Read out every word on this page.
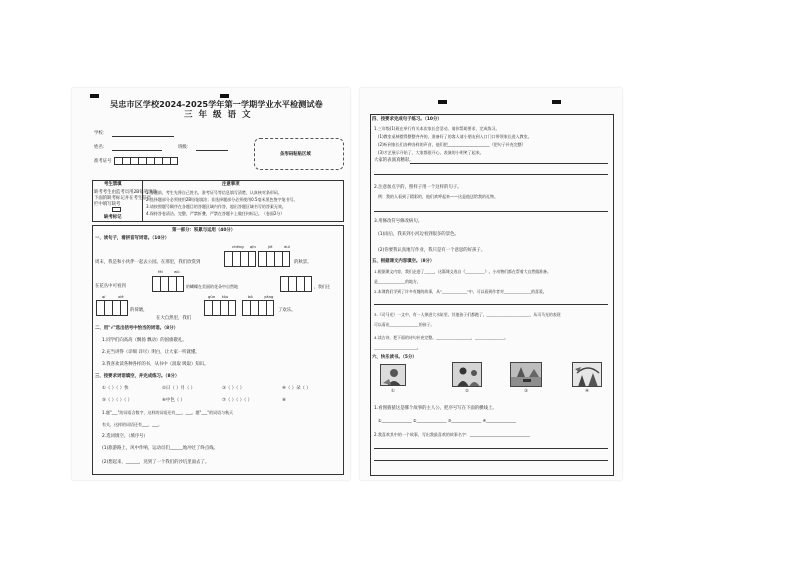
吴忠市区学校2024-2025学年第一学期学业水平检测试卷
三年级语文
学校：
姓名：	班级：
准考证号
条形码粘贴区域
考生禁填
缺考考生由监考员用2B铅笔填涂
下面的缺考标记并在考生信息
栏中填写缺考
缺考标记
注意事项
1.答题前，考生先将自己姓名、准考证号等信息填写清楚，认真核对条形码。
2.选择题部分必须使用2B铅笔填涂；非选择题部分必须使用0.5毫米黑色签字笔书写。
3.请按照题号顺序在各题目的答题区域内作答，超出答题区域书写的答案无效。
4.保持答卷清洁、完整，严禁折叠，严禁在答题卡上做任何标记。（卷面2分）
第一部分：积累与运用（40分）
一、读句子，看拼音写词语。（10分）
chéng qīn	jié	duì
周末，我是和小伙伴一起去公园。在那里，我们欣赏到	的秋景。
fēi	wǔ
在花丛中可看到	的蝴蝶在美丽的花朵中自然地	，我们还
qí	xiè	gǔn tóu	bó	yǎng
的荷塘，
在大自然里，我们
了欢乐。
二、用"√"选出括号中恰当的词语。（8分）
1.同学们向高高（飘扬 飘动）的国旗敬礼。
2.充当讲得（详细 详尽）明白，让大家一听就懂。
3.我喜欢读各种各样的书，从书中（汲取 吸取）知识。
三、按要求词语填空，并完成练习。（8分）
①（ ）（ ）快	②日（ ）月（ ）	③（ ）（ ）	④（ ）朵（ ）
⑤（ ）（ ）（ ）	⑥中色（ ）	⑦（ ）（ ）（ ）	⑧
1.题"___"的词语含数字，这样的词语还有___、___。题"___"的词语与秋天
有关，这样的词语还有___、___。
2.选词填空。（填序号）
(1)旅游路上，风中作响，运动员们______地冲过了终点线。
(2)想起来，______，送到了一个我们的沙坑里面去了。
四、按要求完成句子练习。（10分）
1.三年级(1)班在举行有关本次家长会活动。请你帮助要求，完成练习。
(1)教室桌椅摆得整整齐齐的，准备好了的客人请小朋友到入口门口带领家长进入教室。
(2)听到家长们各种各样的声音，他们把_____________________（把句子补充完整）
(3)才艺展示开始了，大家都很开心，表演的小明笑了起来。
大家的表演真精彩。
2.注意加点字的，照样子用一个这样的句子。
例：我的人看到了精彩的，他们欢呼起来——这是他送给我的礼物。
3.用修改符号修改病句。
(1)雨后，我来到小河边看到很多的景色。
(2)你要我认真地写作业，我只是有一个意思的好孩子。
五、根据课文内容填空。（8分）
1.根据课文内容，我们走进了_____，这篇课文选自《__________》。小动物们都在帮着大自然做准备。
是______________的地方。
2.本课我们学到了许多有趣的故事，从"_____________"中，可以看到作者对______________的喜爱。
3.《司马光》一文中，有一人掉进大水缸里，其他孩子们都跑了，______________________，从司马光的表现
可以看出_______________的孩子。
4.读古诗，把下面的诗句补充完整。__________________，_______________。
______________________。
六、快乐读书。（5分）
①	②	③	④
1.看图猜猜这是哪个故事的主人公，把序号写在下面的横线上。
①_______________ ②_______________ ③_______________ ④_______________
2.我喜欢其中的一个故事，写出我最喜欢的故事名字：______________________________
